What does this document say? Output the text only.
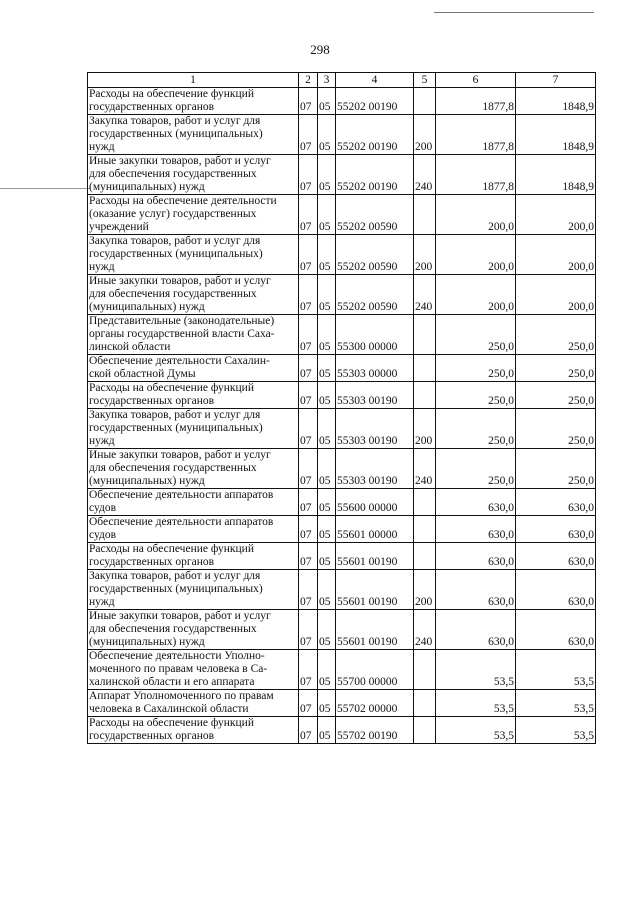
298
1	2	3	4	5	6	7

Расходы на обеспечение функций
государственных органов	07	05	55202 00190		1877,8	1848,9

Закупка товаров, работ и услуг для
государственных (муниципальных)
нужд	07	05	55202 00190	200	1877,8	1848,9

Иные закупки товаров, работ и услуг
для обеспечения государственных
(муниципальных) нужд	07	05	55202 00190	240	1877,8	1848,9

Расходы на обеспечение деятельности
(оказание услуг) государственных
учреждений	07	05	55202 00590		200,0	200,0

Закупка товаров, работ и услуг для
государственных (муниципальных)
нужд	07	05	55202 00590	200	200,0	200,0

Иные закупки товаров, работ и услуг
для обеспечения государственных
(муниципальных) нужд	07	05	55202 00590	240	200,0	200,0

Представительные (законодательные)
органы государственной власти Саха-
линской области	07	05	55300 00000		250,0	250,0

Обеспечение деятельности Сахалин-
ской областной Думы	07	05	55303 00000		250,0	250,0

Расходы на обеспечение функций
государственных органов	07	05	55303 00190		250,0	250,0

Закупка товаров, работ и услуг для
государственных (муниципальных)
нужд	07	05	55303 00190	200	250,0	250,0

Иные закупки товаров, работ и услуг
для обеспечения государственных
(муниципальных) нужд	07	05	55303 00190	240	250,0	250,0

Обеспечение деятельности аппаратов
судов	07	05	55600 00000		630,0	630,0

Обеспечение деятельности аппаратов
судов	07	05	55601 00000		630,0	630,0

Расходы на обеспечение функций
государственных органов	07	05	55601 00190		630,0	630,0

Закупка товаров, работ и услуг для
государственных (муниципальных)
нужд	07	05	55601 00190	200	630,0	630,0

Иные закупки товаров, работ и услуг
для обеспечения государственных
(муниципальных) нужд	07	05	55601 00190	240	630,0	630,0

Обеспечение деятельности Уполно-
моченного по правам человека в Са-
халинской области и его аппарата	07	05	55700 00000		53,5	53,5

Аппарат Уполномоченного по правам
человека в Сахалинской области	07	05	55702 00000		53,5	53,5

Расходы на обеспечение функций
государственных органов	07	05	55702 00190		53,5	53,5
